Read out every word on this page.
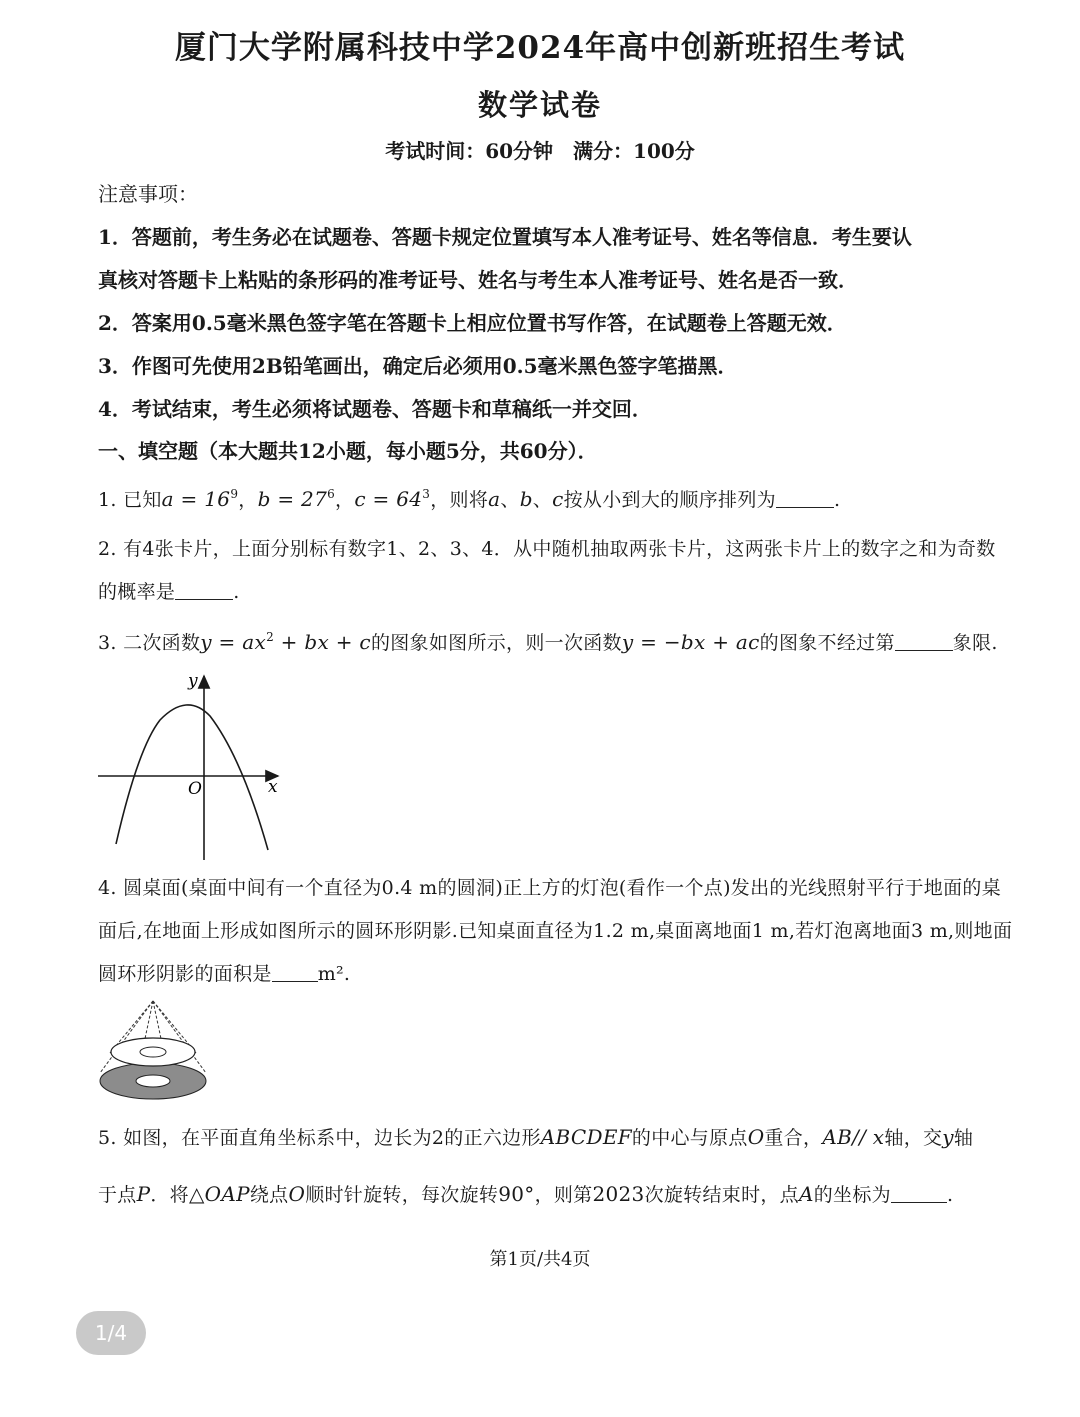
厦门大学附属科技中学2024年高中创新班招生考试
数学试卷
考试时间：60分钟　满分：100分
注意事项：
1．答题前，考生务必在试题卷、答题卡规定位置填写本人准考证号、姓名等信息．考生要认
真核对答题卡上粘贴的条形码的准考证号、姓名与考生本人准考证号、姓名是否一致．
2．答案用0.5毫米黑色签字笔在答题卡上相应位置书写作答，在试题卷上答题无效．
3．作图可先使用2B铅笔画出，确定后必须用0.5毫米黑色签字笔描黑．
4．考试结束，考生必须将试题卷、答题卡和草稿纸一并交回．
一、填空题（本大题共12小题，每小题5分，共60分）．
1. 已知$a = 16^9$，$b = 27^6$，$c = 64^3$，则将a、b、c按从小到大的顺序排列为	.
2. 有4张卡片，上面分别标有数字1、2、3、4．从中随机抽取两张卡片，这两张卡片上的数字之和为奇数
的概率是	.
3. 二次函数$y = ax^2$ + bx + c的图象如图所示，则一次函数y = −bx + ac的图象不经过第	象限.
y
x
O
4. 圆桌面(桌面中间有一个直径为0.4 m的圆洞)正上方的灯泡(看作一个点)发出的光线照射平行于地面的桌
面后,在地面上形成如图所示的圆环形阴影.已知桌面直径为1.2 m,桌面离地面1 m,若灯泡离地面3 m,则地面
圆环形阴影的面积是 m².
5. 如图，在平面直角坐标系中，边长为2的正六边形ABCDEF的中心与原点O重合，AB// x轴，交y轴
于点P．将△OAP绕点O顺时针旋转，每次旋转90°，则第2023次旋转结束时，点A的坐标为	.
第1页/共4页
1/4
